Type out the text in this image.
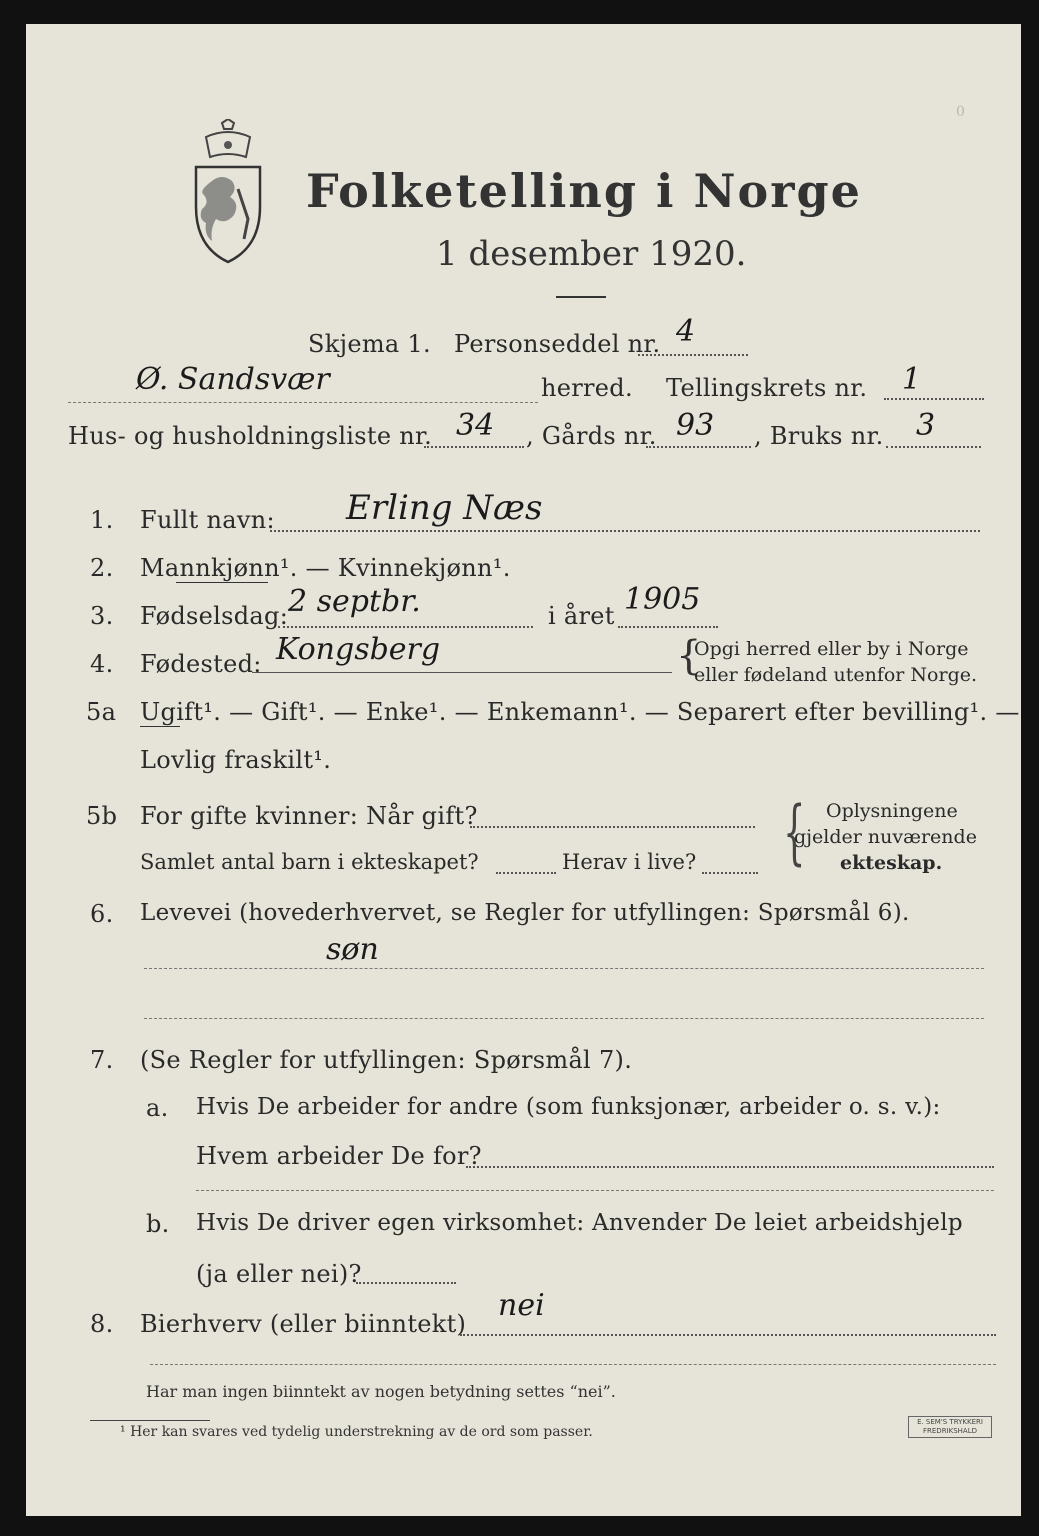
0
Folketelling i Norge
1 desember 1920.
Skjema 1. Personseddel nr. 4
Ø. Sandsvær	herred. Tellingskrets nr. 1
Hus- og husholdningsliste nr. 34 , Gårds nr. 93 , Bruks nr. 3
1. Fullt navn: Erling Næs
2. Mannkjønn¹. — Kvinnekjønn¹.
3. Fødselsdag: 2 septbr.	i året 1905
4. Fødested: Kongsberg	{
Opgi herred eller by i Norge
eller fødeland utenfor Norge.
5a Ugift¹. — Gift¹. — Enke¹. — Enkemann¹. — Separert efter bevilling¹. —
Lovlig fraskilt¹.
5b For gifte kvinner: Når gift?
Samlet antal barn i ekteskapet?	Herav i live? { Oplysningene
gjelder nuværende
ekteskap.
6. Levevei (hovederhvervet, se Regler for utfyllingen: Spørsmål 6).
søn
7. (Se Regler for utfyllingen: Spørsmål 7).
a. Hvis De arbeider for andre (som funksjonær, arbeider o. s. v.):
Hvem arbeider De for?
b. Hvis De driver egen virksomhet: Anvender De leiet arbeidshjelp
(ja eller nei)?
8. Bierhverv (eller biinntekt)
nei
Har man ingen biinntekt av nogen betydning settes “nei”.
¹ Her kan svares ved tydelig understrekning av de ord som passer.
E. SEM'S TRYKKERI FREDRIKSHALD
